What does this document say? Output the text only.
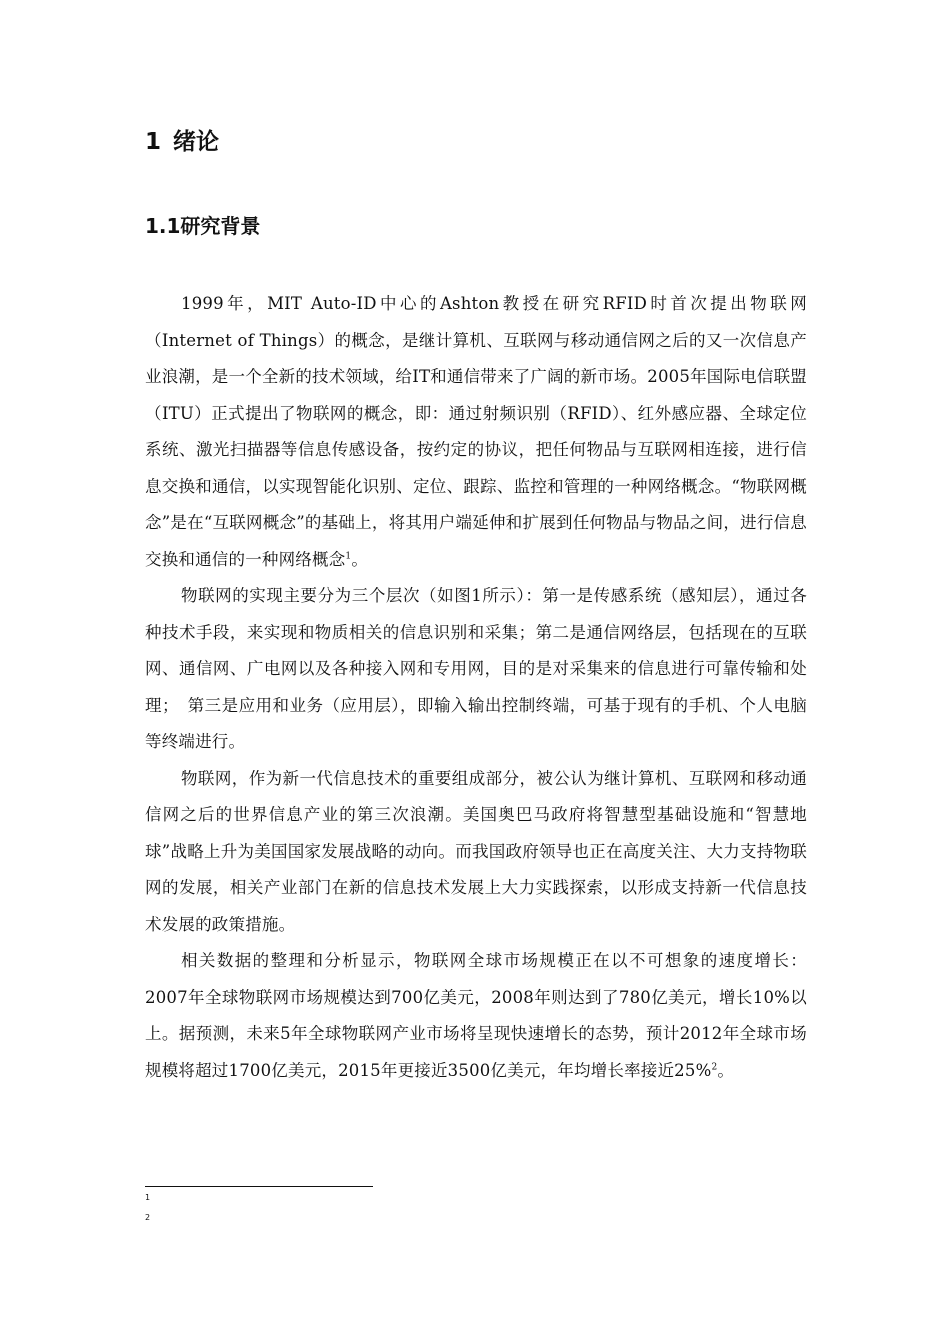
1 绪论
1.1研究背景

1999年，MIT Auto-ID中心的Ashton教授在研究RFID时首次提出物联网（Internet of Things）的概念，是继计算机、互联网与移动通信网之后的又一次信息产业浪潮，是一个全新的技术领域，给IT和通信带来了广阔的新市场。2005年国际电信联盟（ITU）正式提出了物联网的概念，即：通过射频识别（RFID）、红外感应器、全球定位系统、激光扫描器等信息传感设备，按约定的协议，把任何物品与互联网相连接，进行信息交换和通信，以实现智能化识别、定位、跟踪、监控和管理的一种网络概念。“物联网概念”是在“互联网概念”的基础上，将其用户端延伸和扩展到任何物品与物品之间，进行信息交换和通信的一种网络概念$^1$。

物联网的实现主要分为三个层次（如图1所示）：第一是传感系统（感知层），通过各种技术手段，来实现和物质相关的信息识别和采集；第二是通信网络层，包括现在的互联网、通信网、广电网以及各种接入网和专用网，目的是对采集来的信息进行可靠传输和处理；　第三是应用和业务（应用层），即输入输出控制终端，可基于现有的手机、个人电脑等终端进行。

物联网，作为新一代信息技术的重要组成部分，被公认为继计算机、互联网和移动通信网之后的世界信息产业的第三次浪潮。美国奥巴马政府将智慧型基础设施和“智慧地球”战略上升为美国国家发展战略的动向。而我国政府领导也正在高度关注、大力支持物联网的发展，相关产业部门在新的信息技术发展上大力实践探索，以形成支持新一代信息技术发展的政策措施。

相关数据的整理和分析显示，物联网全球市场规模正在以不可想象的速度增长：2007年全球物联网市场规模达到700亿美元，2008年则达到了780亿美元，增长10%以上。据预测，未来5年全球物联网产业市场将呈现快速增长的态势，预计2012年全球市场规模将超过1700亿美元，2015年更接近3500亿美元，年均增长率接近25%$^2$。

1
2
